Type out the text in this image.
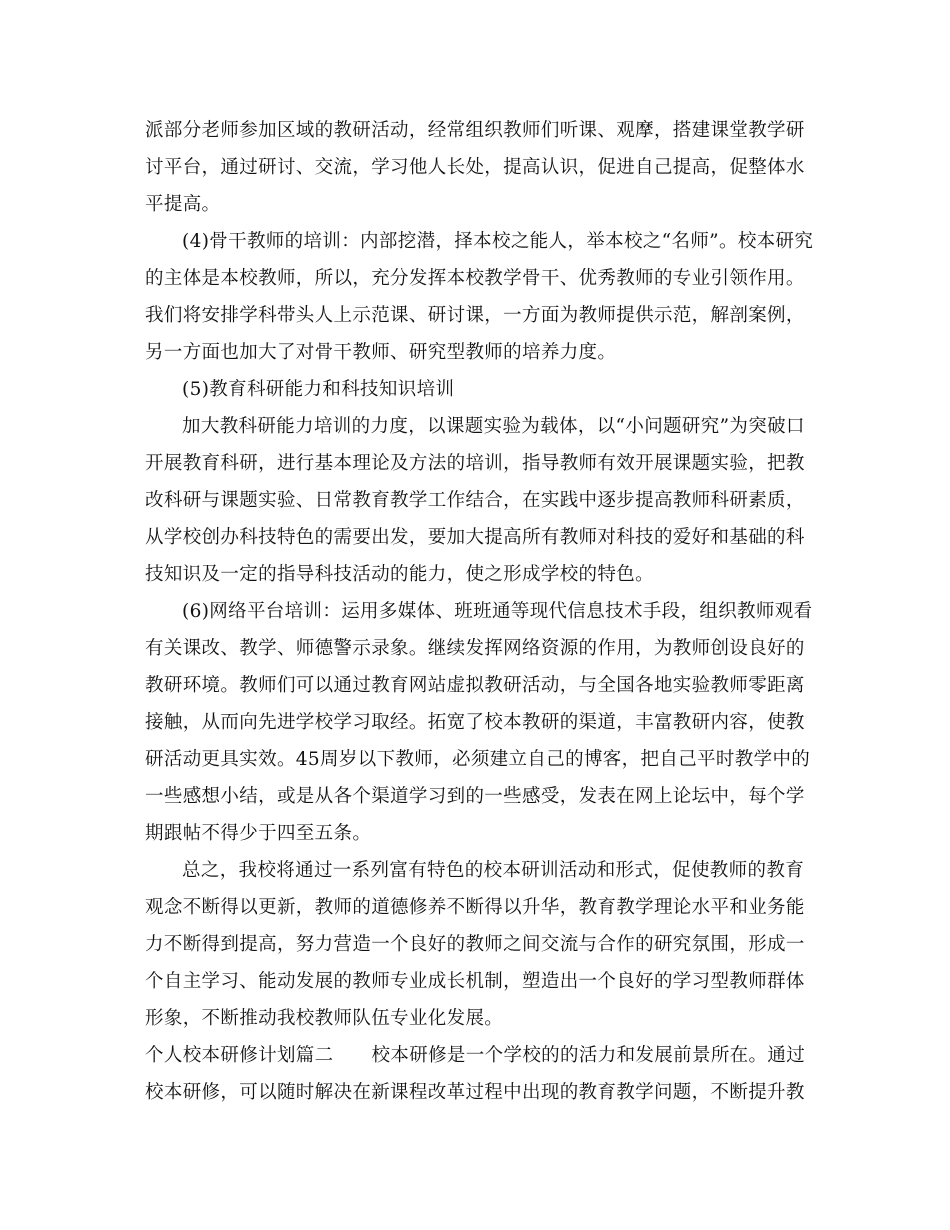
派部分老师参加区域的教研活动，经常组织教师们听课、观摩，搭建课堂教学研
讨平台，通过研讨、交流，学习他人长处，提高认识，促进自己提高，促整体水
平提高。
(4)骨干教师的培训：内部挖潜，择本校之能人，举本校之“名师”。校本研究
的主体是本校教师，所以，充分发挥本校教学骨干、优秀教师的专业引领作用。
我们将安排学科带头人上示范课、研讨课，一方面为教师提供示范，解剖案例，
另一方面也加大了对骨干教师、研究型教师的培养力度。
(5)教育科研能力和科技知识培训
加大教科研能力培训的力度，以课题实验为载体，以“小问题研究”为突破口
开展教育科研，进行基本理论及方法的培训，指导教师有效开展课题实验，把教
改科研与课题实验、日常教育教学工作结合，在实践中逐步提高教师科研素质，
从学校创办科技特色的需要出发，要加大提高所有教师对科技的爱好和基础的科
技知识及一定的指导科技活动的能力，使之形成学校的特色。
(6)网络平台培训：运用多媒体、班班通等现代信息技术手段，组织教师观看
有关课改、教学、师德警示录象。继续发挥网络资源的作用，为教师创设良好的
教研环境。教师们可以通过教育网站虚拟教研活动，与全国各地实验教师零距离
接触，从而向先进学校学习取经。拓宽了校本教研的渠道，丰富教研内容，使教
研活动更具实效。45周岁以下教师，必须建立自己的博客，把自己平时教学中的
一些感想小结，或是从各个渠道学习到的一些感受，发表在网上论坛中，每个学
期跟帖不得少于四至五条。
总之，我校将通过一系列富有特色的校本研训活动和形式，促使教师的教育
观念不断得以更新，教师的道德修养不断得以升华，教育教学理论水平和业务能
力不断得到提高，努力营造一个良好的教师之间交流与合作的研究氛围，形成一
个自主学习、能动发展的教师专业成长机制，塑造出一个良好的学习型教师群体
形象，不断推动我校教师队伍专业化发展。
个人校本研修计划篇二 校本研修是一个学校的的活力和发展前景所在。通过
校本研修，可以随时解决在新课程改革过程中出现的教育教学问题，不断提升教
